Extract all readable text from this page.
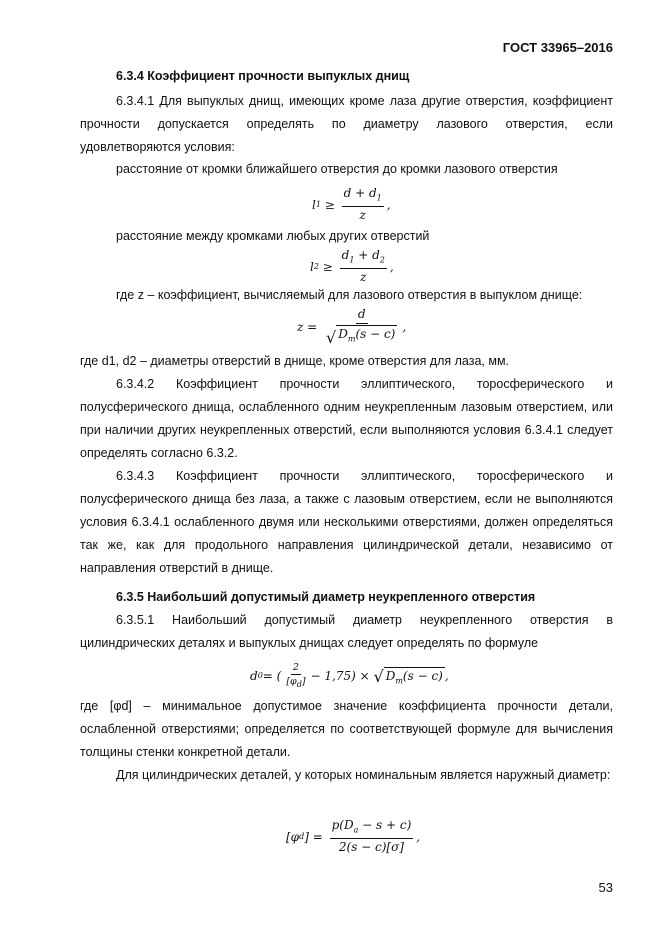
ГОСТ 33965–2016
6.3.4 Коэффициент прочности выпуклых днищ

6.3.4.1 Для выпуклых днищ, имеющих кроме лаза другие отверстия, коэффициент прочности допускается определять по диаметру лазового отверстия, если удовлетворяются условия:

расстояние от кромки ближайшего отверстия до кромки лазового отверстия
l $1 \ge \frac{d + d_1}{z}$ ,
расстояние между кромками любых других отверстий
l $2 \ge \frac{d_1 + d_2}{z}$ ,
где z – коэффициент, вычисляемый для лазового отверстия в выпуклом днище:
$z = \frac{d}{√ D_m(s - c)}$ ,
где d1, d2 – диаметры отверстий в днище, кроме отверстия для лаза, мм.

6.3.4.2 Коэффициент прочности эллиптического, торосферического и полусферического днища, ослабленного одним неукрепленным лазовым отверстием, или при наличии других неукрепленных отверстий, если выполняются условия 6.3.4.1 следует определять согласно 6.3.2.

6.3.4.3 Коэффициент прочности эллиптического, торосферического и полусферического днища без лаза, а также с лазовым отверстием, если не выполняются условия 6.3.4.1 ослабленного двумя или несколькими отверстиями, должен определяться так же, как для продольного направления цилиндрической детали, независимо от направления отверстий в днище.

6.3.5 Наибольший допустимый диаметр неукрепленного отверстия

6.3.5.1 Наибольший допустимый диаметр неукрепленного отверстия в цилиндрических деталях и выпуклых днищах следует определять по формуле

d 0 = ( $\frac{2}{[\varphi_d]} - 1,75$) × √ $D_m(s - c)$ ,

где [φd] – минимальное допустимое значение коэффициента прочности детали, ослабленной отверстиями; определяется по соответствующей формуле для вычисления толщины стенки конкретной детали.

Для цилиндрических деталей, у которых номинальным является наружный диаметр:

[φ d ] = $\frac{p(D_a - s + c)}{2(s - c)[\sigma]}$ ,
53
